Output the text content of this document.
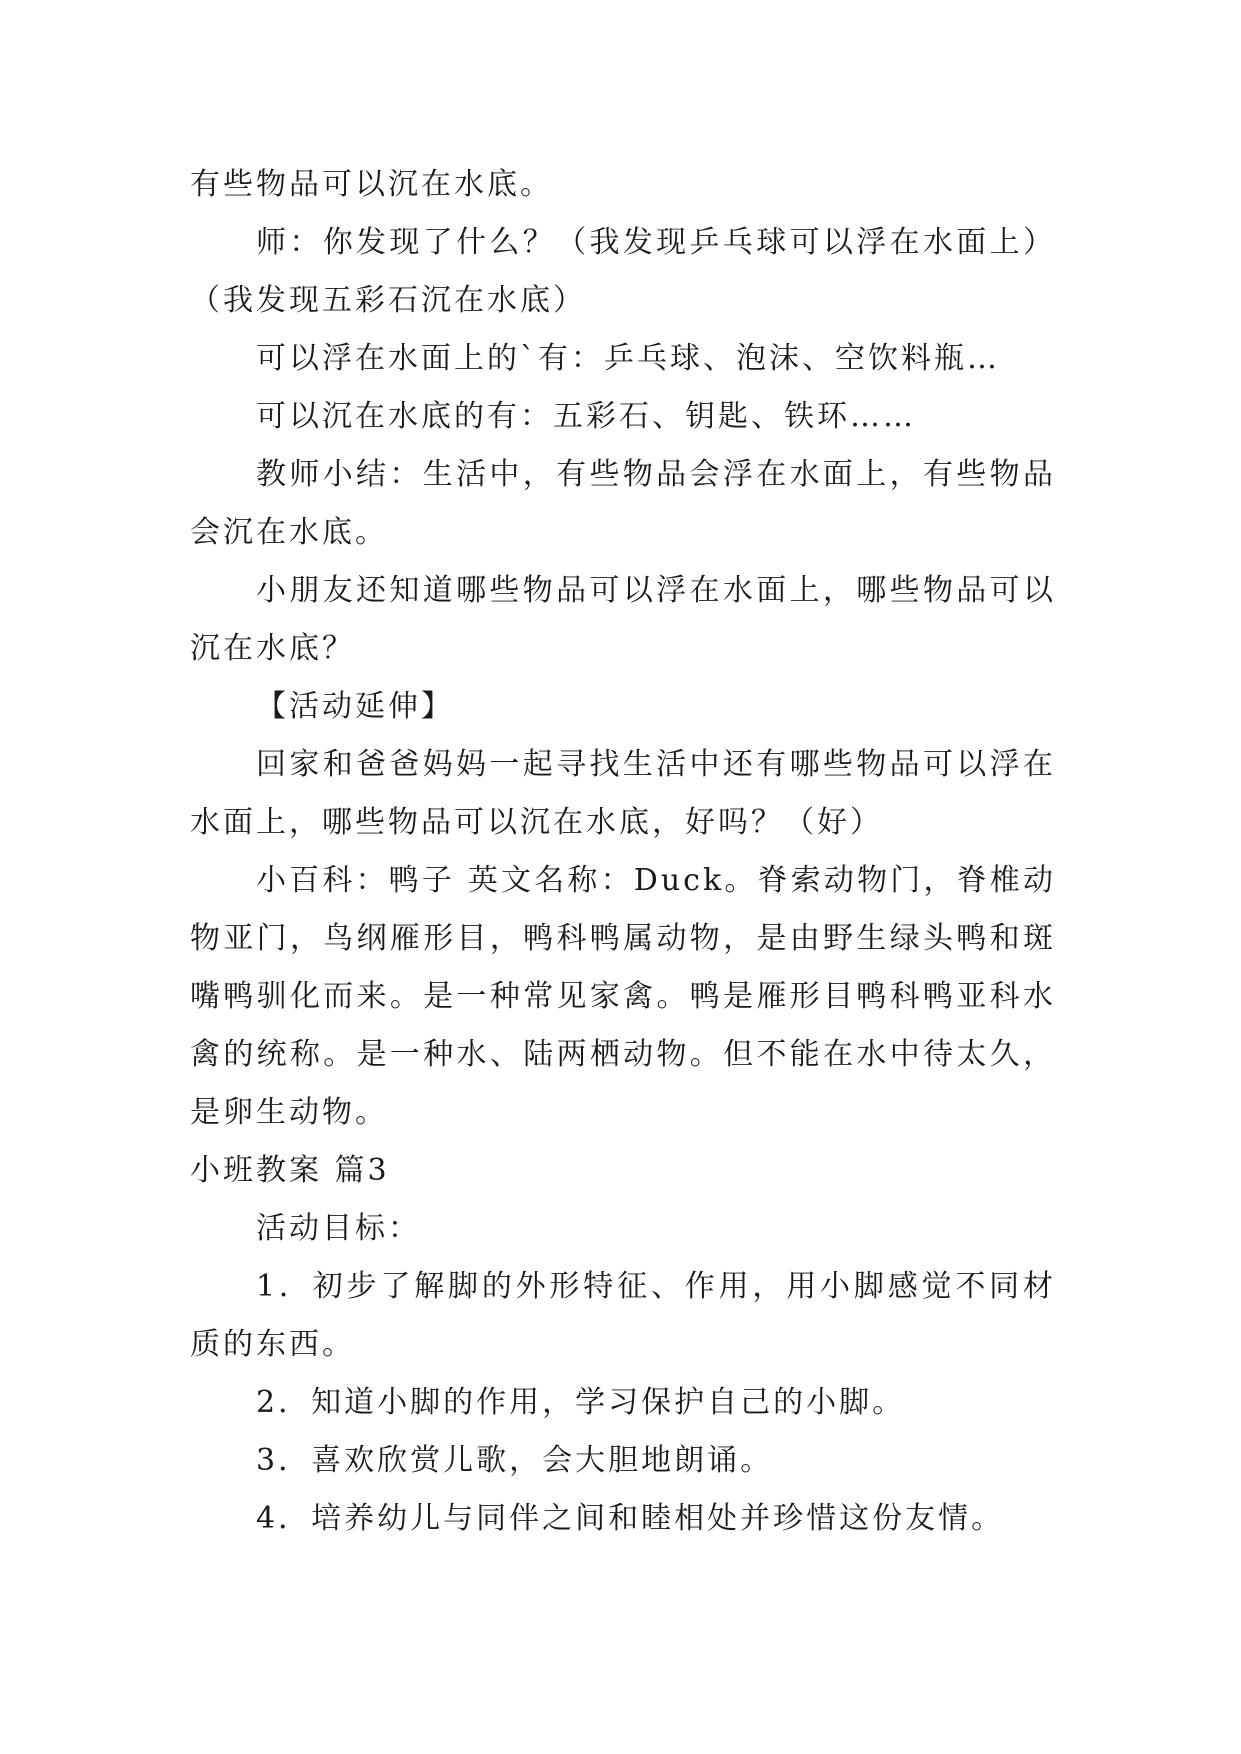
有些物品可以沉在水底。

师：你发现了什么？（我发现乒乓球可以浮在水面上）（我发现五彩石沉在水底）

可以浮在水面上的`有：乒乓球、泡沫、空饮料瓶…

可以沉在水底的有：五彩石、钥匙、铁环……

教师小结：生活中，有些物品会浮在水面上，有些物品会沉在水底。

小朋友还知道哪些物品可以浮在水面上，哪些物品可以沉在水底？

【活动延伸】

回家和爸爸妈妈一起寻找生活中还有哪些物品可以浮在水面上，哪些物品可以沉在水底，好吗？（好）

小百科：鸭子 英文名称：Duck。脊索动物门，脊椎动物亚门，鸟纲雁形目，鸭科鸭属动物，是由野生绿头鸭和斑嘴鸭驯化而来。是一种常见家禽。鸭是雁形目鸭科鸭亚科水禽的统称。是一种水、陆两栖动物。但不能在水中待太久，是卵生动物。

小班教案 篇3

活动目标：

1．初步了解脚的外形特征、作用，用小脚感觉不同材质的东西。

2．知道小脚的作用，学习保护自己的小脚。

3．喜欢欣赏儿歌，会大胆地朗诵。

4．培养幼儿与同伴之间和睦相处并珍惜这份友情。
